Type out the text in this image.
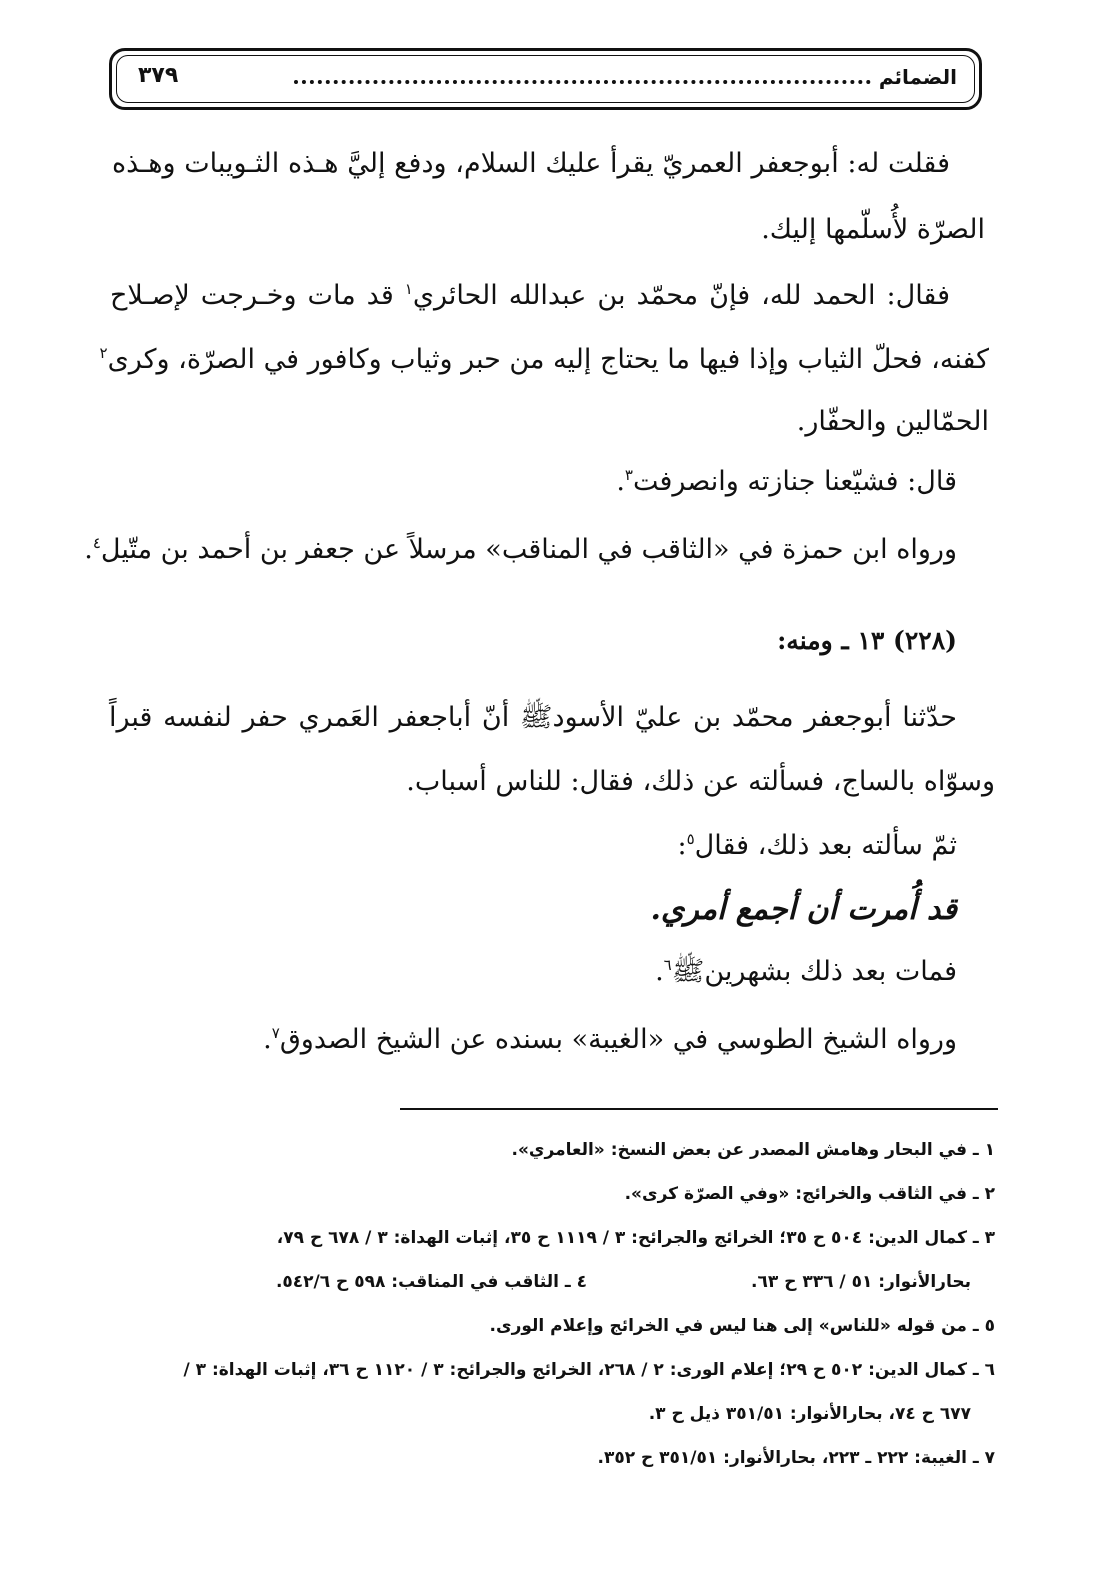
الضمائم
٣٧٩
فقلت له: أبوجعفر العمريّ يقرأ عليك السلام، ودفع إليَّ هـذه الثـويبات وهـذه
الصرّة لأُسلّمها إليك.
فقال: الحمد لله، فإنّ محمّد بن عبدالله الحائري$^١$ قد مات وخـرجت لإصـلاح
كفنه، فحلّ الثياب وإذا فيها ما يحتاج إليه من حبر وثياب وكافور في الصرّة، وكرى$^٢$
الحمّالين والحفّار.
قال: فشيّعنا جنازته وانصرفت$^٣$.
ورواه ابن حمزة في «الثاقب في المناقب» مرسلاً عن جعفر بن أحمد بن متّيل$^٤$.
(٢٢٨) ١٣ ـ ومنه:
حدّثنا أبوجعفر محمّد بن عليّ الأسودﷺ أنّ أباجعفر العَمري حفر لنفسه قبراً
وسوّاه بالساج، فسألته عن ذلك، فقال: للناس أسباب.
ثمّ سألته بعد ذلك، فقال$^٥$:
قد أُمرت أن أجمع أمري.
فمات بعد ذلك بشهرينﷺ$^٦$.
ورواه الشيخ الطوسي في «الغيبة» بسنده عن الشيخ الصدوق$^٧$.
١ ـ في البحار وهامش المصدر عن بعض النسخ: «العامري».
٢ ـ في الثاقب والخرائج: «وفي الصرّة كرى».
٣ ـ كمال الدين: ٥٠٤ ح ٣٥؛ الخرائج والجرائح: ٣ / ١١١٩ ح ٣٥، إثبات الهداة: ٣ / ٦٧٨ ح ٧٩،
بحارالأنوار: ٥١ / ٣٣٦ ح ٦٣.
٤ ـ الثاقب في المناقب: ٥٩٨ ح ٥٤٢/٦.
٥ ـ من قوله «للناس» إلى هنا ليس في الخرائج وإعلام الورى.
٦ ـ كمال الدين: ٥٠٢ ح ٢٩؛ إعلام الورى: ٢ / ٢٦٨، الخرائج والجرائح: ٣ / ١١٢٠ ح ٣٦، إثبات الهداة: ٣ /
٦٧٧ ح ٧٤، بحارالأنوار: ٣٥١/٥١ ذيل ح ٣.
٧ ـ الغيبة: ٢٢٢ ـ ٢٢٣، بحارالأنوار: ٣٥١/٥١ ح ٣٥٢.
